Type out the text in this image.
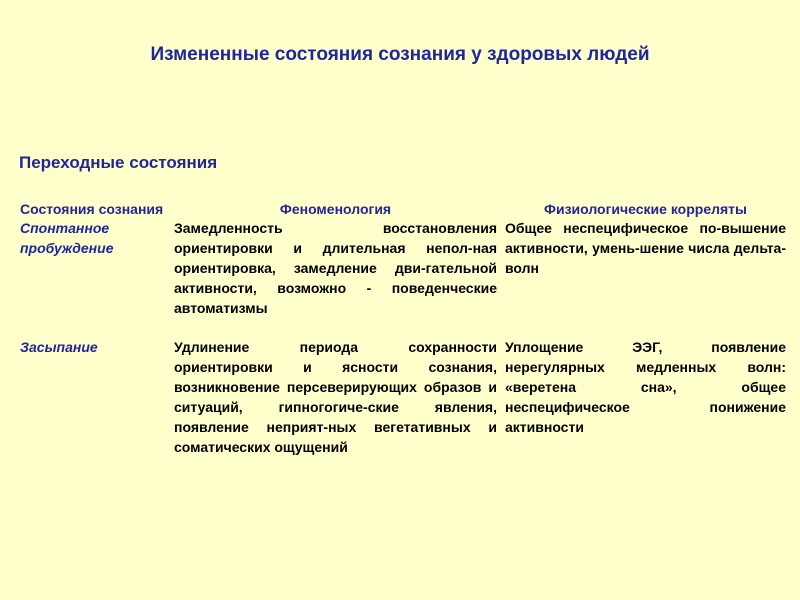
Измененные состояния сознания у здоровых людей
Переходные состояния
Состояния сознания	Феноменология	Физиологические корреляты
Спонтанное пробуждение	Замедленность восстановления ориентировки и длительная непол-ная ориентировка, замедление дви-гательной активности, возможно - поведенческие автоматизмы	Общее неспецифическое по-вышение активности, умень-шение числа дельта-волн

Засыпание	Удлинение периода сохранности ориентировки и ясности сознания, возникновение персеверирующих образов и ситуаций, гипногогиче-ские явления, появление неприят-ных вегетативных и соматических ощущений	Уплощение ЭЭГ, появление нерегулярных медленных волн: «веретена сна», общее неспецифическое понижение активности
